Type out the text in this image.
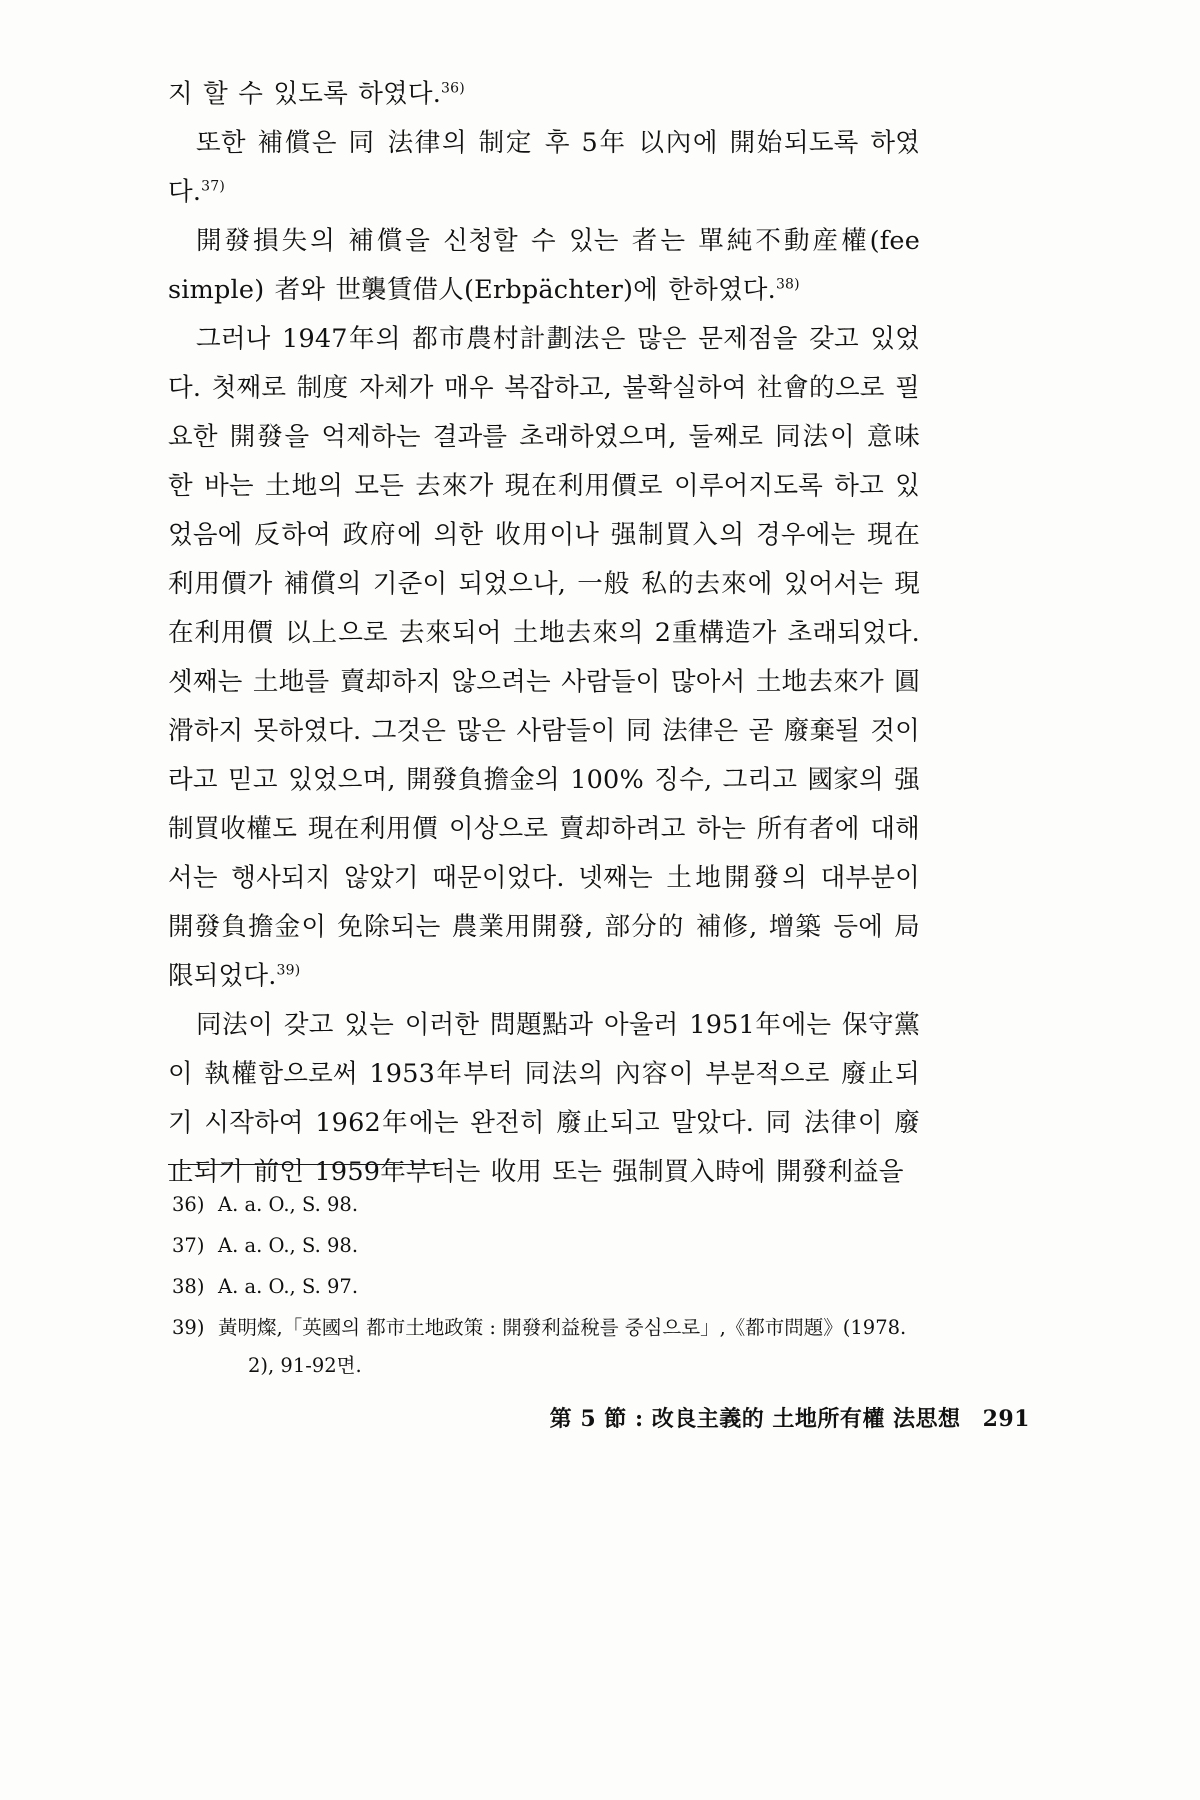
지 할 수 있도록 하였다.$^{36)}$

또한 補償은 同 法律의 制定 후 5年 以內에 開始되도록 하였다.$^{37)}$

開發損失의 補償을 신청할 수 있는 者는 單純不動産權(fee simple) 者와 世襲賃借人(Erbpächter)에 한하였다.$^{38)}$

그러나 1947年의 都市農村計劃法은 많은 문제점을 갖고 있었다. 첫째로 制度 자체가 매우 복잡하고, 불확실하여 社會的으로 필요한 開發을 억제하는 결과를 초래하였으며, 둘째로 同法이 意味한 바는 土地의 모든 去來가 現在利用價로 이루어지도록 하고 있었음에 反하여 政府에 의한 收用이나 强制買入의 경우에는 現在利用價가 補償의 기준이 되었으나, 一般 私的去來에 있어서는 現在利用價 以上으로 去來되어 土地去來의 2重構造가 초래되었다. 셋째는 土地를 賣却하지 않으려는 사람들이 많아서 土地去來가 圓滑하지 못하였다. 그것은 많은 사람들이 同 法律은 곧 廢棄될 것이라고 믿고 있었으며, 開發負擔金의 100% 징수, 그리고 國家의 强制買收權도 現在利用價 이상으로 賣却하려고 하는 所有者에 대해서는 행사되지 않았기 때문이었다. 넷째는 土地開發의 대부분이 開發負擔金이 免除되는 農業用開發, 部分的 補修, 增築 등에 局限되었다.$^{39)}$

同法이 갖고 있는 이러한 問題點과 아울러 1951年에는 保守黨이 執權함으로써 1953年부터 同法의 內容이 부분적으로 廢止되기 시작하여 1962年에는 완전히 廢止되고 말았다. 同 法律이 廢止되기 前인 1959年부터는 收用 또는 强制買入時에 開發利益을

36) A. a. O., S. 98.
37) A. a. O., S. 98.
38) A. a. O., S. 97.
39) 黃明燦,「英國의 都市土地政策 : 開發利益稅를 중심으로」,《都市問題》(1978.
2), 91-92면.
第 5 節 : 改良主義的 土地所有權 法思想 291
